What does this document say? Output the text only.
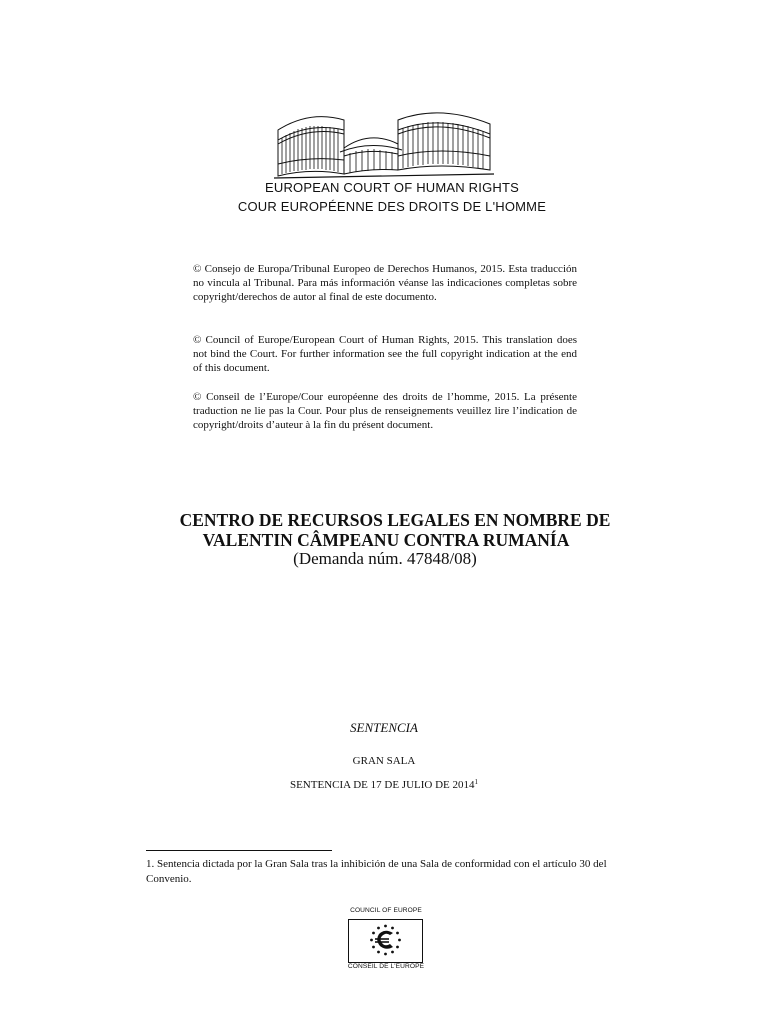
EUROPEAN COURT OF HUMAN RIGHTS
COUR EUROPÉENNE DES DROITS DE L'HOMME
© Consejo de Europa/Tribunal Europeo de Derechos Humanos, 2015. Esta traducción no vincula al Tribunal. Para más información véanse las indicaciones completas sobre copyright/derechos de autor al final de este documento.
© Council of Europe/European Court of Human Rights, 2015. This translation does not bind the Court. For further information see the full copyright indication at the end of this document.
© Conseil de l’Europe/Cour européenne des droits de l’homme, 2015. La présente traduction ne lie pas la Cour. Pour plus de renseignements veuillez lire l’indication de copyright/droits d’auteur à la fin du présent document.
CENTRO DE RECURSOS LEGALES EN NOMBRE DE
VALENTIN CÂMPEANU CONTRA RUMANÍA
(Demanda núm. 47848/08)
SENTENCIA
GRAN SALA
SENTENCIA DE 17 DE JULIO DE 2014$^1$
1. Sentencia dictada por la Gran Sala tras la inhibición de una Sala de conformidad con el artículo 30 del Convenio.
COUNCIL OF EUROPE
CONSEIL DE L'EUROPE
